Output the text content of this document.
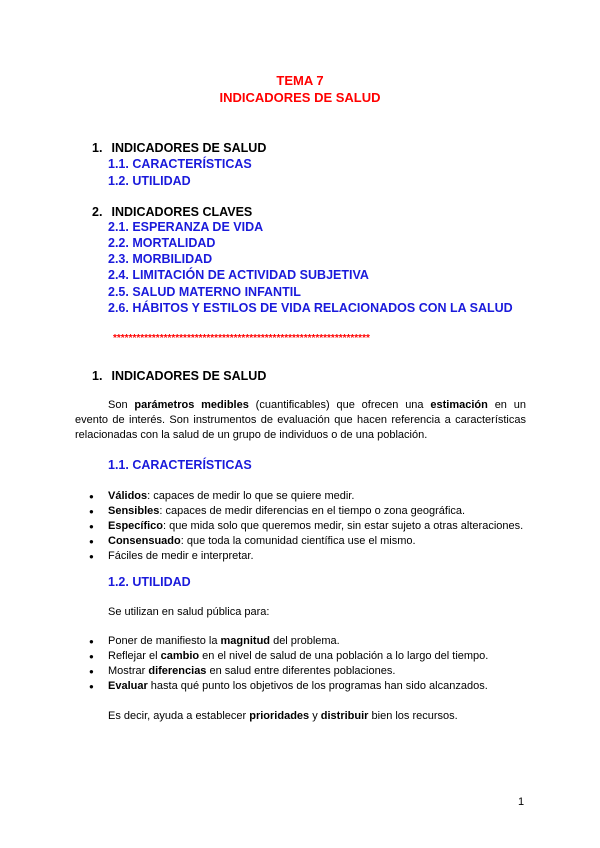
TEMA 7
INDICADORES DE SALUD
1. INDICADORES DE SALUD
1.1. CARACTERÍSTICAS
1.2. UTILIDAD
2. INDICADORES CLAVES
2.1. ESPERANZA DE VIDA
2.2. MORTALIDAD
2.3. MORBILIDAD
2.4. LIMITACIÓN DE ACTIVIDAD SUBJETIVA
2.5. SALUD MATERNO INFANTIL
2.6. HÁBITOS Y ESTILOS DE VIDA RELACIONADOS CON LA SALUD
******************************************************************
1. INDICADORES DE SALUD
Son parámetros medibles (cuantificables) que ofrecen una estimación en un evento de interés. Son instrumentos de evaluación que hacen referencia a características relacionadas con la salud de un grupo de individuos o de una población.
1.1. CARACTERÍSTICAS
● Válidos: capaces de medir lo que se quiere medir.
● Sensibles: capaces de medir diferencias en el tiempo o zona geográfica.
● Específico: que mida solo que queremos medir, sin estar sujeto a otras alteraciones.
● Consensuado: que toda la comunidad científica use el mismo.
● Fáciles de medir e interpretar.
1.2. UTILIDAD
Se utilizan en salud pública para:
● Poner de manifiesto la magnitud del problema.
● Reflejar el cambio en el nivel de salud de una población a lo largo del tiempo.
● Mostrar diferencias en salud entre diferentes poblaciones.
● Evaluar hasta qué punto los objetivos de los programas han sido alcanzados.
Es decir, ayuda a establecer prioridades y distribuir bien los recursos.
1
